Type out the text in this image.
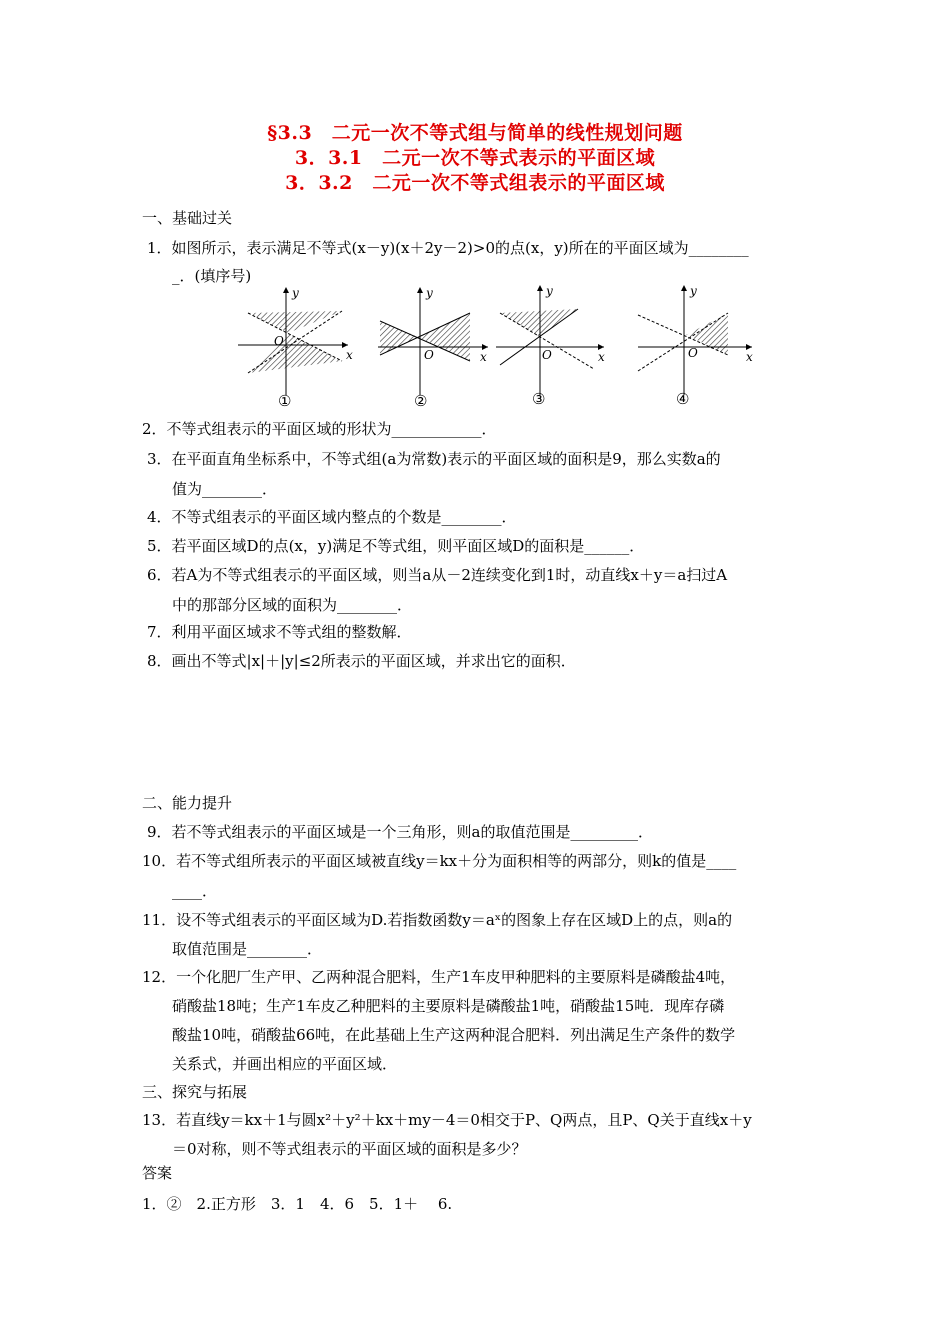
§3.3　二元一次不等式组与简单的线性规划问题
3．3.1　二元一次不等式表示的平面区域
3．3.2　二元一次不等式组表示的平面区域
一、基础过关
1．如图所示，表示满足不等式(x－y)(x＋2y－2)>0的点(x，y)所在的平面区域为________
_．(填序号)
y
x
O
①
y
x
O
②
y
x
O
③
y
x
O
④
2．不等式组表示的平面区域的形状为____________．
3．在平面直角坐标系中，不等式组(a为常数)表示的平面区域的面积是9，那么实数a的
值为________．
4．不等式组表示的平面区域内整点的个数是________．
5．若平面区域D的点(x，y)满足不等式组，则平面区域D的面积是______．
6．若A为不等式组表示的平面区域，则当a从－2连续变化到1时，动直线x＋y＝a扫过A
中的那部分区域的面积为________．
7．利用平面区域求不等式组的整数解．
8．画出不等式|x|＋|y|≤2所表示的平面区域，并求出它的面积．
二、能力提升
9．若不等式组表示的平面区域是一个三角形，则a的取值范围是_________．
10．若不等式组所表示的平面区域被直线y＝kx＋分为面积相等的两部分，则k的值是____
____．
11．设不等式组表示的平面区域为D.若指数函数y＝aˣ的图象上存在区域D上的点，则a的
取值范围是________．
12．一个化肥厂生产甲、乙两种混合肥料，生产1车皮甲种肥料的主要原料是磷酸盐4吨，
硝酸盐18吨；生产1车皮乙种肥料的主要原料是磷酸盐1吨，硝酸盐15吨．现库存磷
酸盐10吨，硝酸盐66吨，在此基础上生产这两种混合肥料．列出满足生产条件的数学
关系式，并画出相应的平面区域．
三、探究与拓展
13．若直线y＝kx＋1与圆x²＋y²＋kx＋my－4＝0相交于P、Q两点，且P、Q关于直线x＋y
＝0对称，则不等式组表示的平面区域的面积是多少？
答案
1．②　2.正方形　3．1　4．6　5．1＋　 6.
